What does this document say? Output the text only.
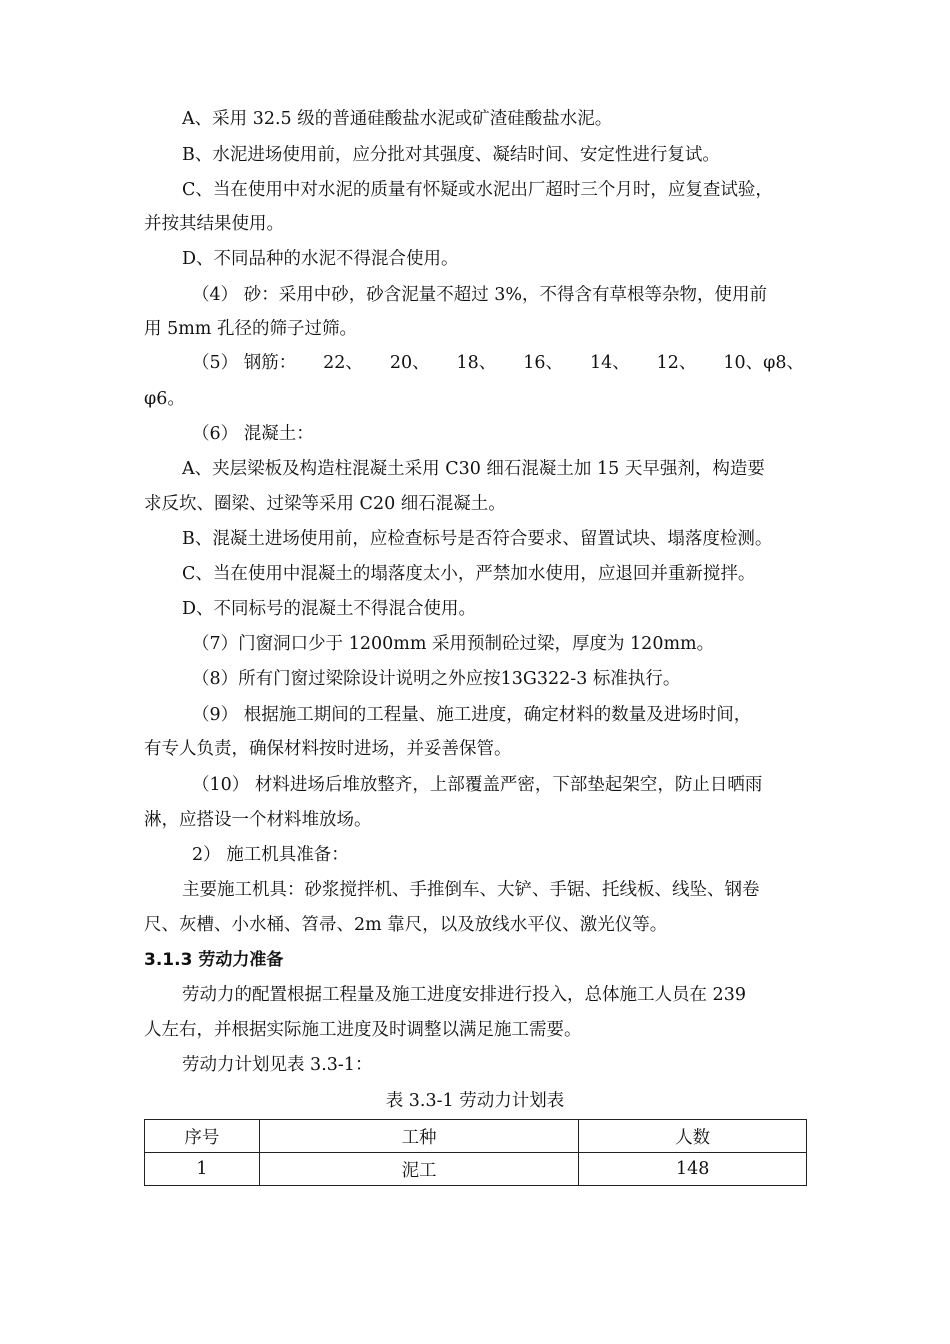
A、采用 32.5 级的普通硅酸盐水泥或矿渣硅酸盐水泥。
B、水泥进场使用前，应分批对其强度、凝结时间、安定性进行复试。
C、当在使用中对水泥的质量有怀疑或水泥出厂超时三个月时，应复查试验，
并按其结果使用。
D、不同品种的水泥不得混合使用。
（4） 砂：采用中砂，砂含泥量不超过 3%，不得含有草根等杂物，使用前
用 5mm 孔径的筛子过筛。
（5） 钢筋： 22、 20、 18、 16、 14、 12、 10、φ8、
φ6。
（6） 混凝土：
A、夹层梁板及构造柱混凝土采用 C30 细石混凝土加 15 天早强剂，构造要
求反坎、圈梁、过梁等采用 C20 细石混凝土。
B、混凝土进场使用前，应检查标号是否符合要求、留置试块、塌落度检测。
C、当在使用中混凝土的塌落度太小，严禁加水使用，应退回并重新搅拌。
D、不同标号的混凝土不得混合使用。
（7）门窗洞口少于 1200mm 采用预制砼过梁，厚度为 120mm。
（8）所有门窗过梁除设计说明之外应按13G322-3 标准执行。
（9） 根据施工期间的工程量、施工进度，确定材料的数量及进场时间，
有专人负责，确保材料按时进场，并妥善保管。
（10） 材料进场后堆放整齐，上部覆盖严密，下部垫起架空，防止日晒雨
淋，应搭设一个材料堆放场。
2） 施工机具准备：
主要施工机具：砂浆搅拌机、手推倒车、大铲、手锯、托线板、线坠、钢卷
尺、灰槽、小水桶、笤帚、2m 靠尺，以及放线水平仪、激光仪等。
3.1.3 劳动力准备
劳动力的配置根据工程量及施工进度安排进行投入，总体施工人员在 239
人左右，并根据实际施工进度及时调整以满足施工需要。
劳动力计划见表 3.3-1：
表 3.3-1 劳动力计划表
序号	工种	人数
1	泥工	148
